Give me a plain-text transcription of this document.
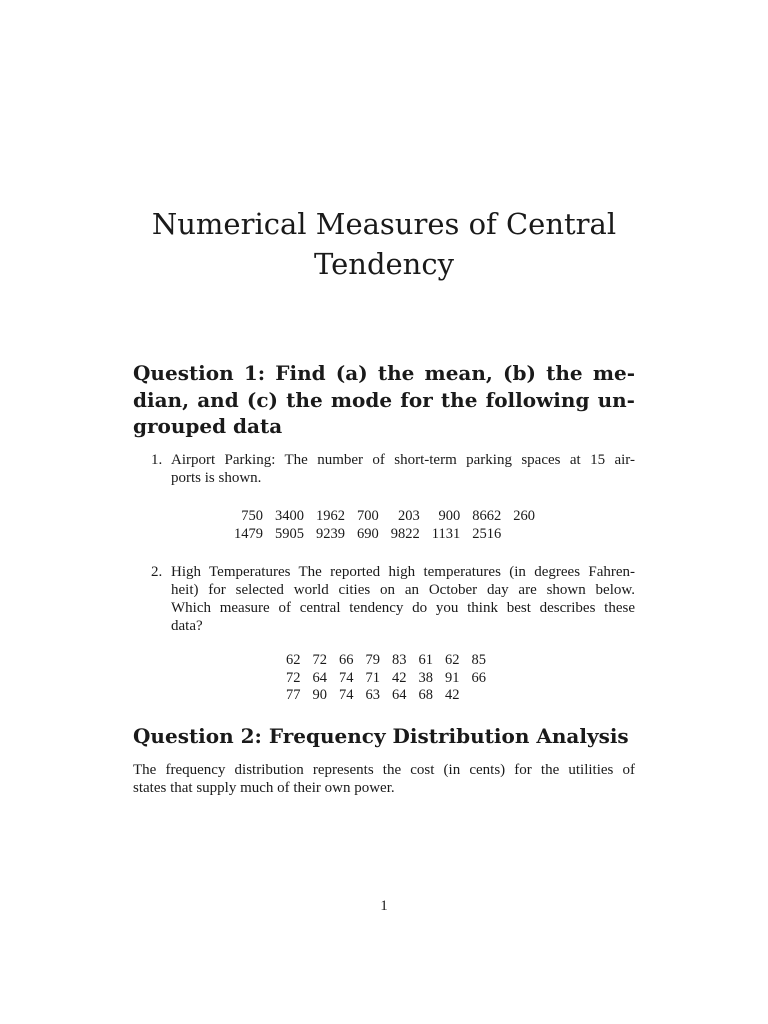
Numerical Measures of Central
Tendency
Question 1: Find (a) the mean, (b) the me-
dian, and (c) the mode for the following un-
grouped data
1. Airport Parking: The number of short-term parking spaces at 15 air-
ports is shown.
750	3400	1962	700	203	900	8662	260
1479	5905	9239	690	9822	1131	2516	
2. High Temperatures The reported high temperatures (in degrees Fahren-
heit) for selected world cities on an October day are shown below.
Which measure of central tendency do you think best describes these
data?
62	72	66	79	83	61	62	85
72	64	74	71	42	38	91	66
77	90	74	63	64	68	42	
Question 2: Frequency Distribution Analysis

The frequency distribution represents the cost (in cents) for the utilities of
states that supply much of their own power.

1
